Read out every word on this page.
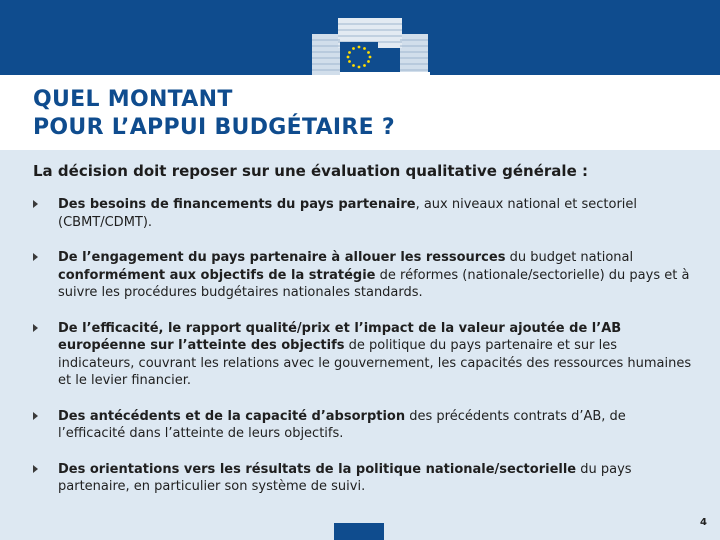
QUEL MONTANT
POUR L’APPUI BUDGÉTAIRE ?

La décision doit reposer sur une évaluation qualitative générale :

Des besoins de financements du pays partenaire, aux niveaux national et sectoriel (CBMT/CDMT).
De l’engagement du pays partenaire à allouer les ressources du budget national conformément aux objectifs de la stratégie de réformes (nationale/sectorielle) du pays et à suivre les procédures budgétaires nationales standards.
De l’efficacité, le rapport qualité/prix et l’impact de la valeur ajoutée de l’AB européenne sur l’atteinte des objectifs de politique du pays partenaire et sur les indicateurs, couvrant les relations avec le gouvernement, les capacités des ressources humaines et le levier financier.
Des antécédents et de la capacité d’absorption des précédents contrats d’AB, de l’efficacité dans l’atteinte de leurs objectifs.
Des orientations vers les résultats de la politique nationale/sectorielle du pays partenaire, en particulier son système de suivi.
4
